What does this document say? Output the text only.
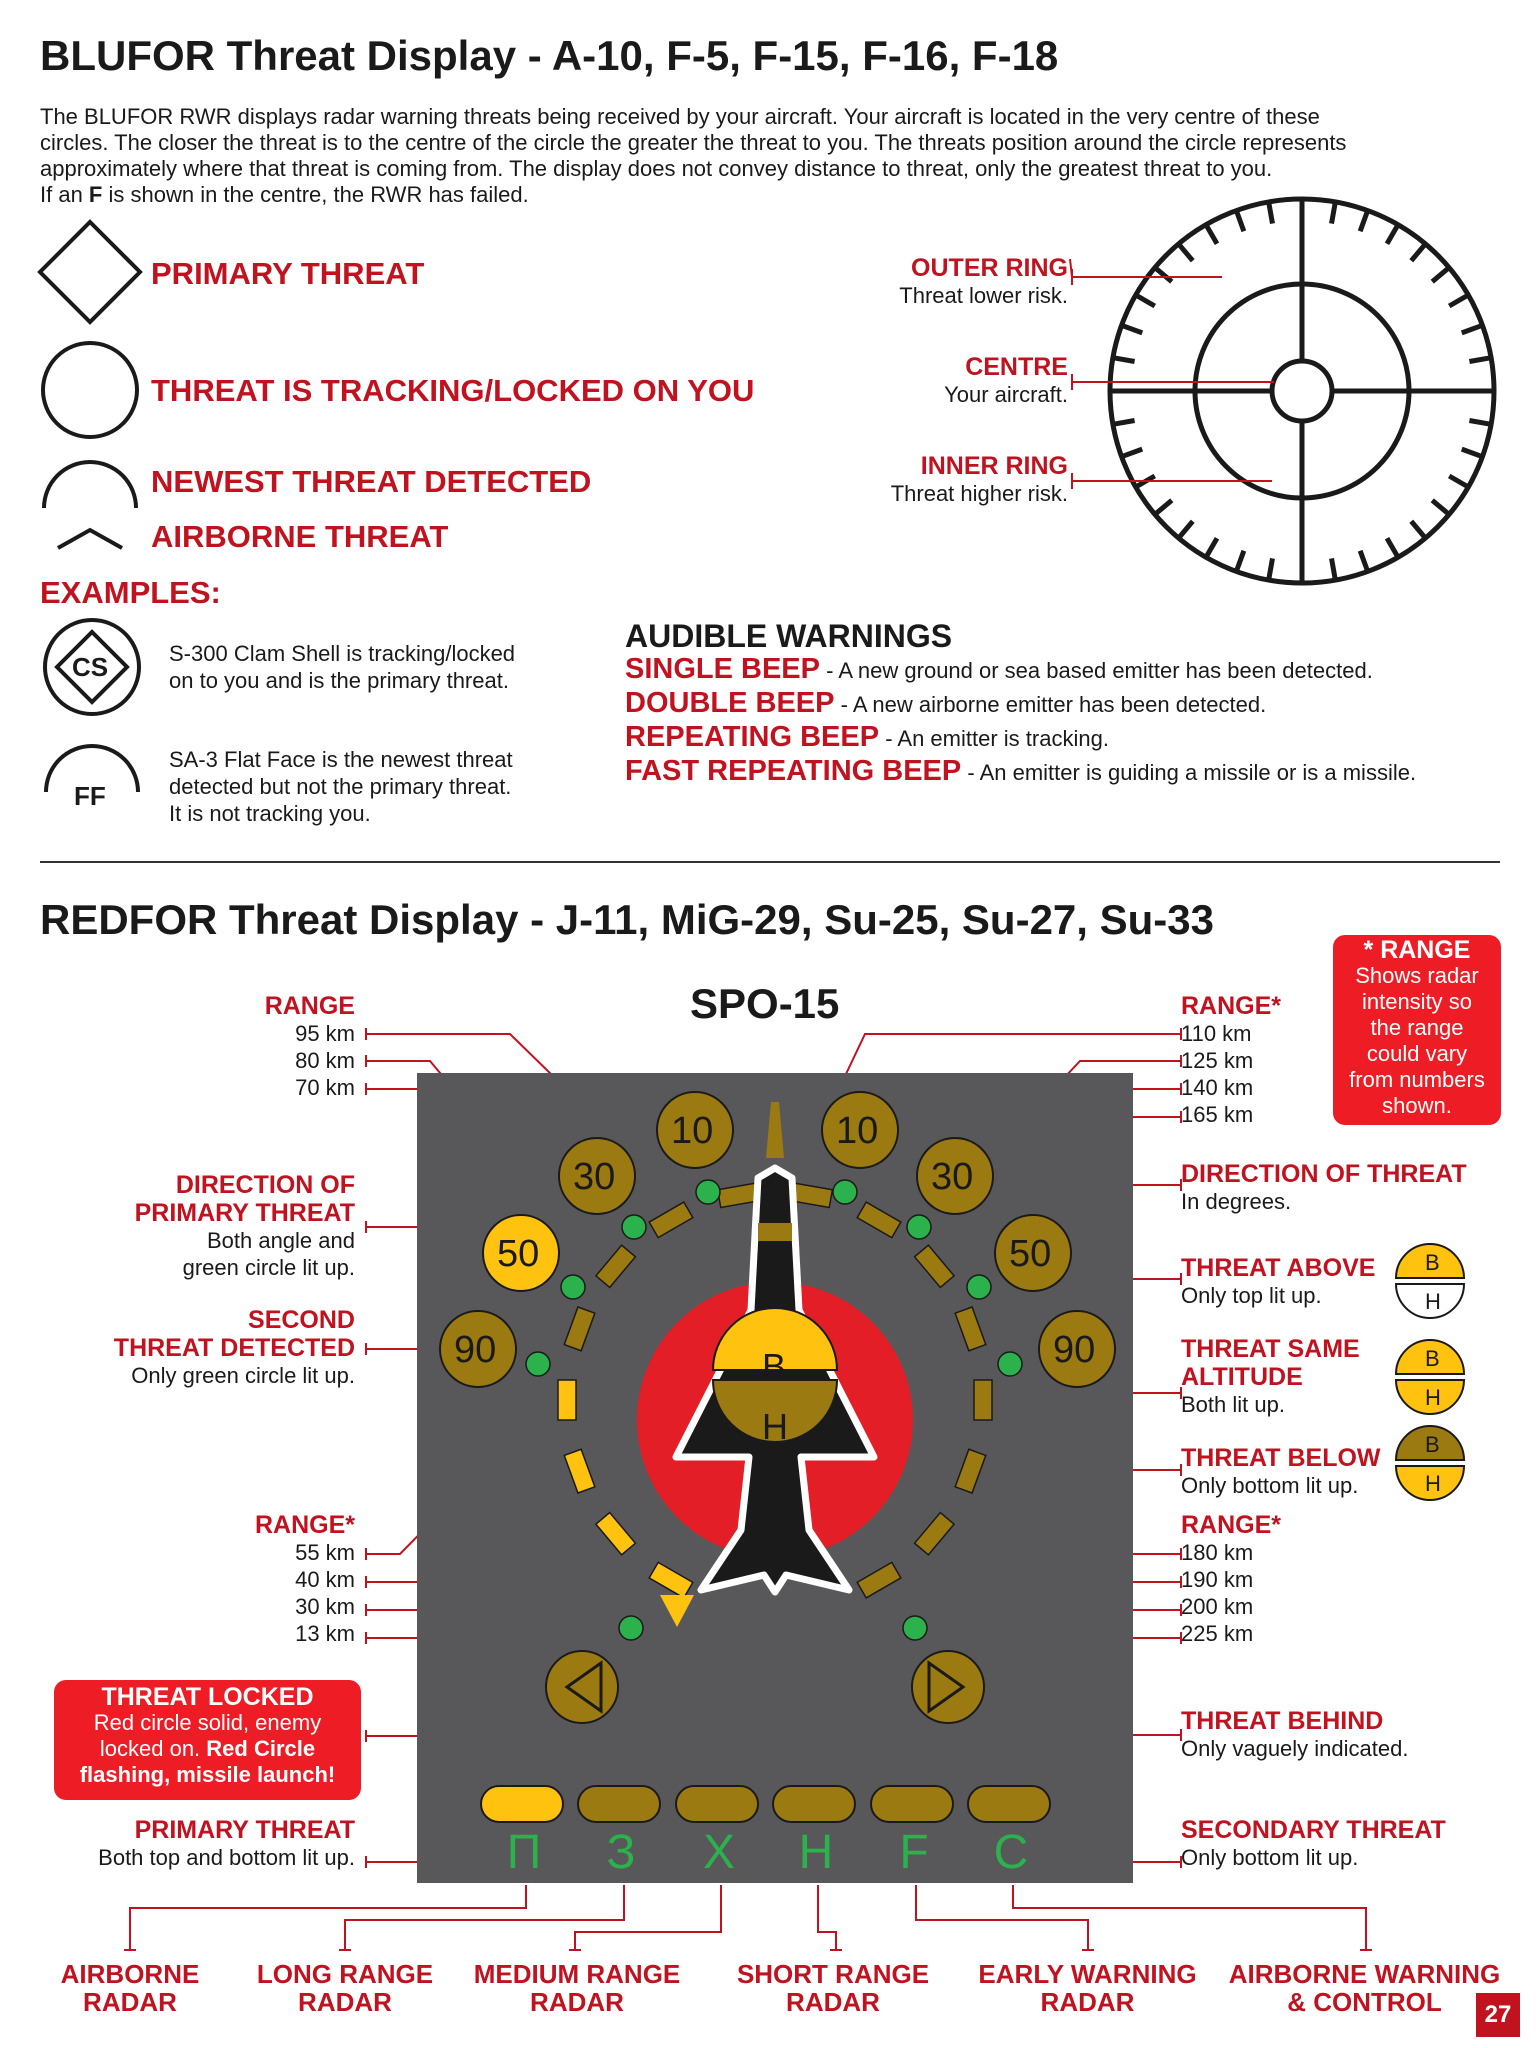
BLUFOR Threat Display - A-10, F-5, F-15, F-16, F-18
The BLUFOR RWR displays radar warning threats being received by your aircraft. Your aircraft is located in the very centre of these
circles. The closer the threat is to the centre of the circle the greater the threat to you. The threats position around the circle represents
approximately where that threat is coming from. The display does not convey distance to threat, only the greatest threat to you.
If an F is shown in the centre, the RWR has failed.
PRIMARY THREAT
THREAT IS TRACKING/LOCKED ON YOU
NEWEST THREAT DETECTED
AIRBORNE THREAT
EXAMPLES:
CS
FF
S-300 Clam Shell is tracking/locked
on to you and is the primary threat.
SA-3 Flat Face is the newest threat
detected but not the primary threat.
It is not tracking you.
OUTER RING
Threat lower risk.
CENTRE
Your aircraft.
INNER RING
Threat higher risk.
AUDIBLE WARNINGS
SINGLE BEEP - A new ground or sea based emitter has been detected.
DOUBLE BEEP - A new airborne emitter has been detected.
REPEATING BEEP - An emitter is tracking.
FAST REPEATING BEEP - An emitter is guiding a missile or is a missile.
REDFOR Threat Display - J-11, MiG-29, Su-25, Su-27, Su-33
* RANGE
Shows radar
intensity so
the range
could vary
from numbers
shown.
SPO-15
10	10
30	30
50	50
90	90
B
H
П	З	X Н	F	С
RANGE
95 km
80 km
70 km
DIRECTION OF
PRIMARY THREAT
Both angle and
green circle lit up.
SECOND
THREAT DETECTED
Only green circle lit up.
RANGE*
55 km
40 km
30 km
13 km
THREAT LOCKED
Red circle solid, enemy
locked on. Red Circle
flashing, missile launch!
PRIMARY THREAT
Both top and bottom lit up.
RANGE*
110 km
125 km
140 km
165 km
DIRECTION OF THREAT
In degrees.
THREAT ABOVE
Only top lit up.
THREAT SAME
ALTITUDE
Both lit up.
THREAT BELOW
Only bottom lit up.
RANGE*
180 km
190 km
200 km
225 km
THREAT BEHIND
Only vaguely indicated.
SECONDARY THREAT
Only bottom lit up.
B
H
B
H
B
H
AIRBORNE
RADAR
LONG RANGE
RADAR
MEDIUM RANGE
RADAR
SHORT RANGE
RADAR
EARLY WARNING
RADAR
AIRBORNE WARNING
& CONTROL	27
